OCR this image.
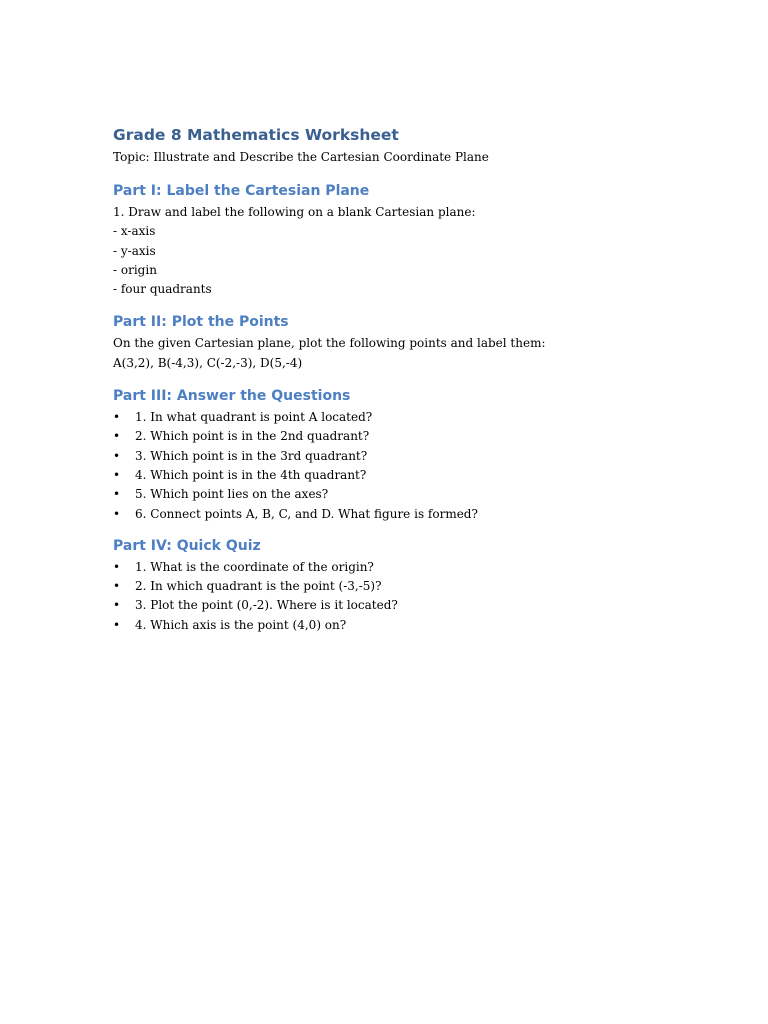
Grade 8 Mathematics Worksheet

Topic: Illustrate and Describe the Cartesian Coordinate Plane

Part I: Label the Cartesian Plane

1. Draw and label the following on a blank Cartesian plane:

- x-axis

- y-axis

- origin

- four quadrants

Part II: Plot the Points

On the given Cartesian plane, plot the following points and label them:

A(3,2), B(-4,3), C(-2,-3), D(5,-4)

Part III: Answer the Questions
• 1. In what quadrant is point A located?
• 2. Which point is in the 2nd quadrant?
• 3. Which point is in the 3rd quadrant?
• 4. Which point is in the 4th quadrant?
• 5. Which point lies on the axes?
• 6. Connect points A, B, C, and D. What figure is formed?
Part IV: Quick Quiz
• 1. What is the coordinate of the origin?
• 2. In which quadrant is the point (-3,-5)?
• 3. Plot the point (0,-2). Where is it located?
• 4. Which axis is the point (4,0) on?
